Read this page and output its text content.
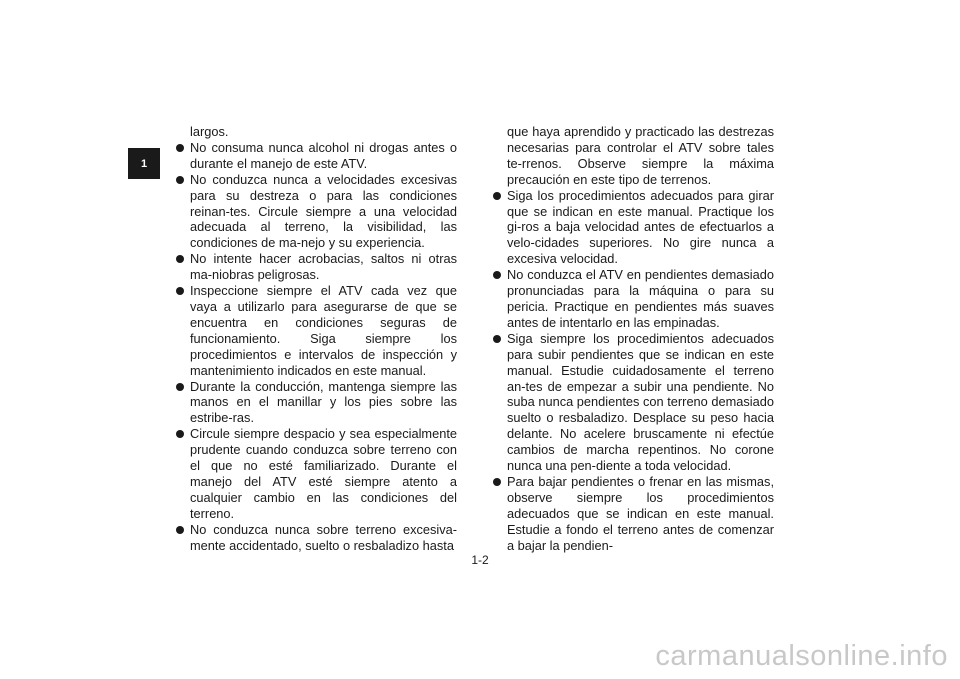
1

largos.

No consuma nunca alcohol ni drogas antes o durante el manejo de este ATV.

No conduzca nunca a velocidades excesivas para su destreza o para las condiciones reinan-tes. Circule siempre a una velocidad adecuada al terreno, la visibilidad, las condiciones de ma-nejo y su experiencia.

No intente hacer acrobacias, saltos ni otras ma-niobras peligrosas.

Inspeccione siempre el ATV cada vez que vaya a utilizarlo para asegurarse de que se encuentra en condiciones seguras de funcionamiento. Siga siempre los procedimientos e intervalos de inspección y mantenimiento indicados en este manual.

Durante la conducción, mantenga siempre las manos en el manillar y los pies sobre las estribe-ras.

Circule siempre despacio y sea especialmente prudente cuando conduzca sobre terreno con el que no esté familiarizado. Durante el manejo del ATV esté siempre atento a cualquier cambio en las condiciones del terreno.

No conduzca nunca sobre terreno excesiva-mente accidentado, suelto o resbaladizo hasta

que haya aprendido y practicado las destrezas necesarias para controlar el ATV sobre tales te-rrenos. Observe siempre la máxima precaución en este tipo de terrenos.

Siga los procedimientos adecuados para girar que se indican en este manual. Practique los gi-ros a baja velocidad antes de efectuarlos a velo-cidades superiores. No gire nunca a excesiva velocidad.

No conduzca el ATV en pendientes demasiado pronunciadas para la máquina o para su pericia. Practique en pendientes más suaves antes de intentarlo en las empinadas.

Siga siempre los procedimientos adecuados para subir pendientes que se indican en este manual. Estudie cuidadosamente el terreno an-tes de empezar a subir una pendiente. No suba nunca pendientes con terreno demasiado suelto o resbaladizo. Desplace su peso hacia delante. No acelere bruscamente ni efectúe cambios de marcha repentinos. No corone nunca una pen-diente a toda velocidad.

Para bajar pendientes o frenar en las mismas, observe siempre los procedimientos adecuados que se indican en este manual. Estudie a fondo el terreno antes de comenzar a bajar la pendien-

1-2
carmanualsonline.info
